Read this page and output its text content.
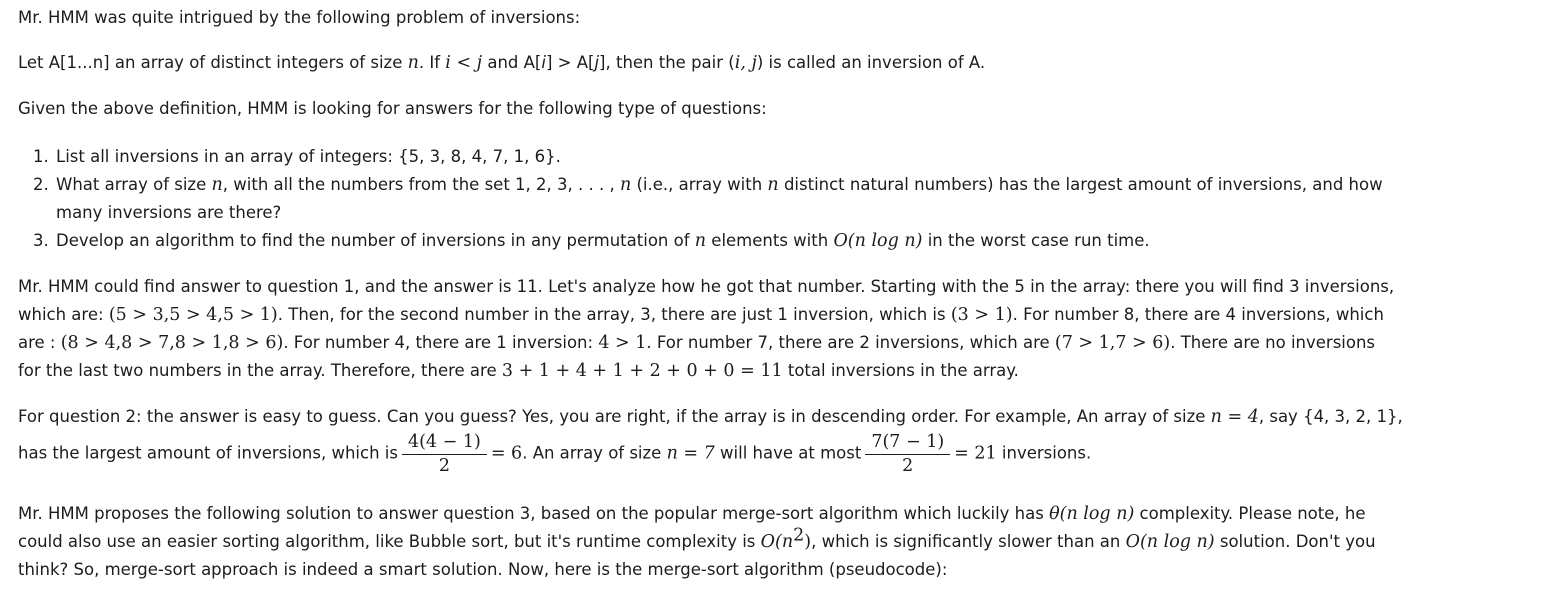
Mr. HMM was quite intrigued by the following problem of inversions:
Let A[1...n] an array of distinct integers of size n. If i < j and A[i] > A[j], then the pair (i, j) is called an inversion of A.
Given the above definition, HMM is looking for answers for the following type of questions:
1. List all inversions in an array of integers: {5, 3, 8, 4, 7, 1, 6}.
2. What array of size n, with all the numbers from the set 1, 2, 3, . . . , n (i.e., array with n distinct natural numbers) has the largest amount of inversions, and how
many inversions are there?
3. Develop an algorithm to find the number of inversions in any permutation of n elements with O(n log n) in the worst case run time.
Mr. HMM could find answer to question 1, and the answer is 11. Let's analyze how he got that number. Starting with the 5 in the array: there you will find 3 inversions,
which are: (5 > 3,5 > 4,5 > 1). Then, for the second number in the array, 3, there are just 1 inversion, which is (3 > 1). For number 8, there are 4 inversions, which
are : (8 > 4,8 > 7,8 > 1,8 > 6). For number 4, there are 1 inversion: 4 > 1. For number 7, there are 2 inversions, which are (7 > 1,7 > 6). There are no inversions
for the last two numbers in the array. Therefore, there are 3 + 1 + 4 + 1 + 2 + 0 + 0 = 11 total inversions in the array.
For question 2: the answer is easy to guess. Can you guess? Yes, you are right, if the array is in descending order. For example, An array of size n = 4, say {4, 3, 2, 1},
has the largest amount of inversions, which is $\frac{4(4 - 1)}{2} = 6$. An array of size n = 7 will have at most $\frac{7(7 - 1)}{2} = 21$ inversions.
Mr. HMM proposes the following solution to answer question 3, based on the popular merge-sort algorithm which luckily has θ(n log n) complexity. Please note, he
could also use an easier sorting algorithm, like Bubble sort, but it's runtime complexity is $O(n^2)$, which is significantly slower than an O(n log n) solution. Don't you
think? So, merge-sort approach is indeed a smart solution. Now, here is the merge-sort algorithm (pseudocode):
